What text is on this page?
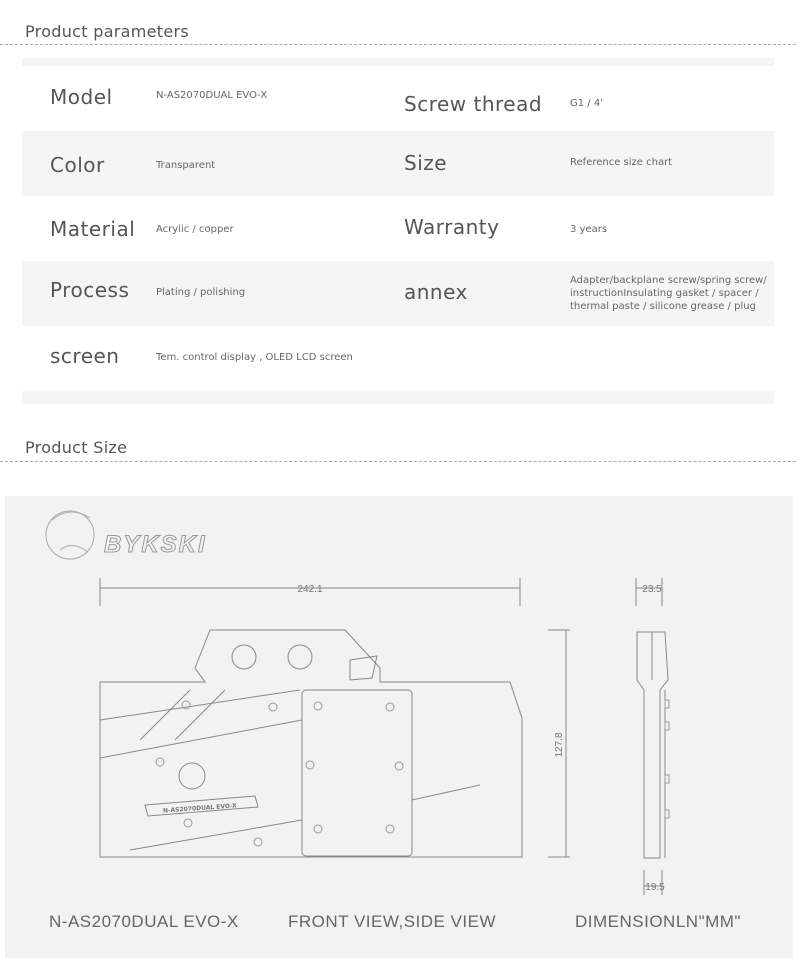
Product parameters
Model	N-AS2070DUAL EVO-X	Screw thread	G1 / 4'
Color	Transparent	Size	Reference size chart
Material Acrylic / copper	Warranty	3 years
Process	Plating / polishing	annex	Adapter/backplane screw/spring screw/
instructionInsulating gasket / spacer /
thermal paste / silicone grease / plug
screen	Tem. control display , OLED LCD screen
Product Size
BYKSKI
242.1
N-AS2070DUAL EVO-X
127.8
23.5
19.5
N-AS2070DUAL EVO-X	FRONT VIEW,SIDE VIEW	DIMENSIONLN"MM"
